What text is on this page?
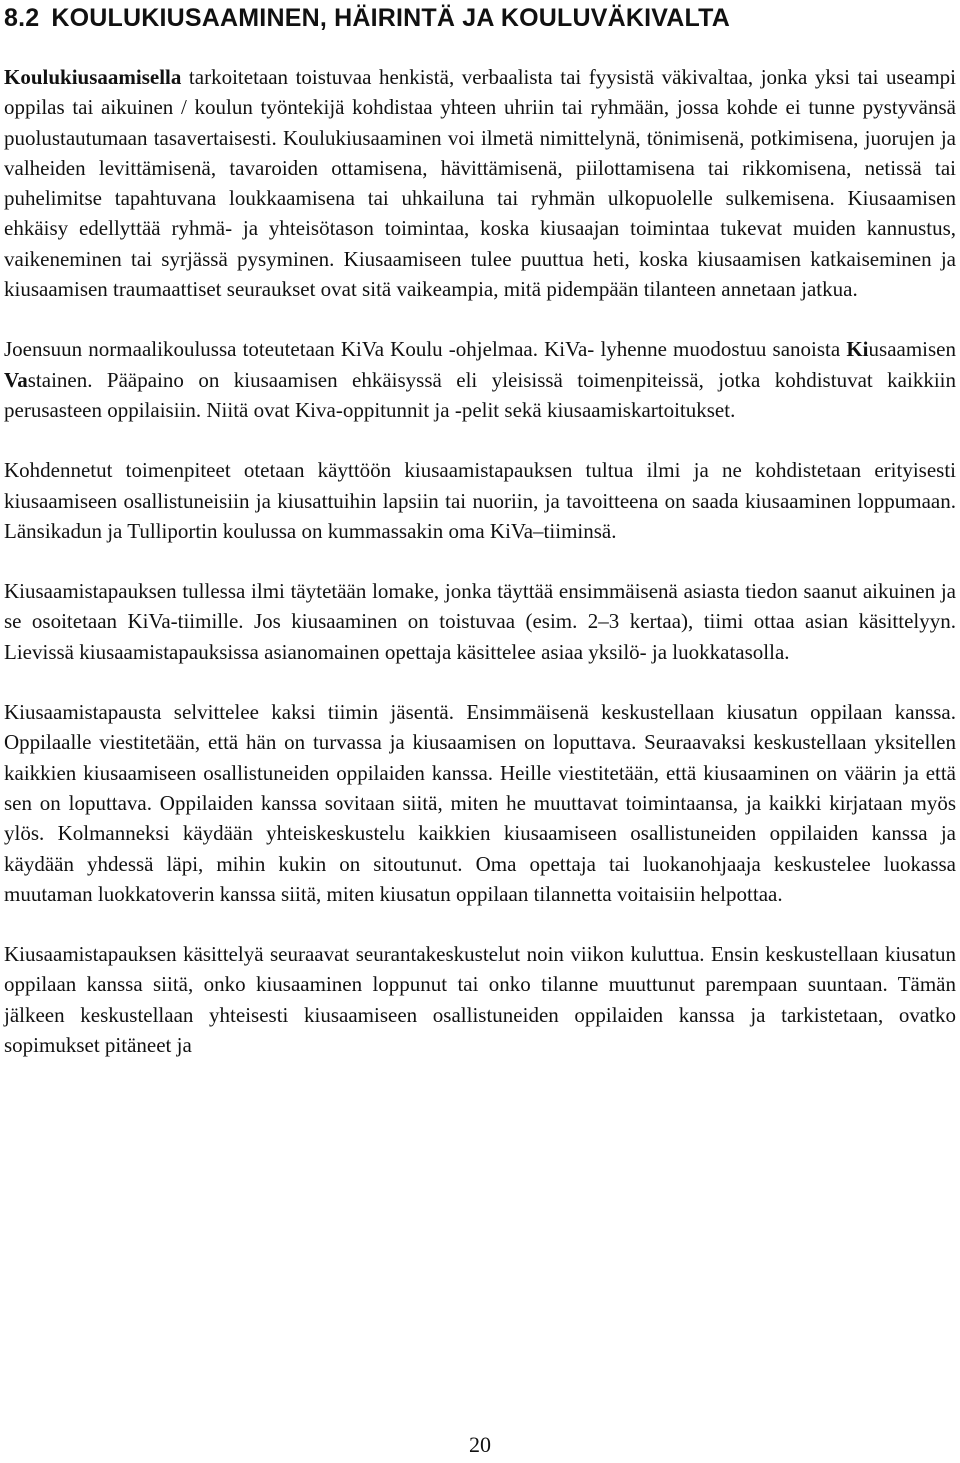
8.2 KOULUKIUSAAMINEN, HÄIRINTÄ JA KOULUVÄKIVALTA

Koulukiusaamisella tarkoitetaan toistuvaa henkistä, verbaalista tai fyysistä väkivaltaa, jonka yksi tai useampi oppilas tai aikuinen / koulun työntekijä kohdistaa yhteen uhriin tai ryhmään, jossa kohde ei tunne pystyvänsä puolustautumaan tasavertaisesti. Koulukiusaaminen voi ilmetä nimittelynä, tönimisenä, potkimisena, juorujen ja valheiden levittämisenä, tavaroiden ottamisena, hävittämisenä, piilottamisena tai rikkomisena, netissä tai puhelimitse tapahtuvana loukkaamisena tai uhkailuna tai ryhmän ulkopuolelle sulkemisena. Kiusaamisen ehkäisy edellyttää ryhmä- ja yhteisötason toimintaa, koska kiusaajan toimintaa tukevat muiden kannustus, vaikeneminen tai syrjässä pysyminen. Kiusaamiseen tulee puuttua heti, koska kiusaamisen katkaiseminen ja kiusaamisen traumaattiset seuraukset ovat sitä vaikeampia, mitä pidempään tilanteen annetaan jatkua.

Joensuun normaalikoulussa toteutetaan KiVa Koulu -ohjelmaa. KiVa- lyhenne muodostuu sanoista Kiusaamisen Vastainen. Pääpaino on kiusaamisen ehkäisyssä eli yleisissä toimenpiteissä, jotka kohdistuvat kaikkiin perusasteen oppilaisiin. Niitä ovat Kiva-oppitunnit ja -pelit sekä kiusaamiskartoitukset.

Kohdennetut toimenpiteet otetaan käyttöön kiusaamistapauksen tultua ilmi ja ne kohdistetaan erityisesti kiusaamiseen osallistuneisiin ja kiusattuihin lapsiin tai nuoriin, ja tavoitteena on saada kiusaaminen loppumaan. Länsikadun ja Tulliportin koulussa on kummassakin oma KiVa–tiiminsä.

Kiusaamistapauksen tullessa ilmi täytetään lomake, jonka täyttää ensimmäisenä asiasta tiedon saanut aikuinen ja se osoitetaan KiVa-tiimille. Jos kiusaaminen on toistuvaa (esim. 2–3 kertaa), tiimi ottaa asian käsittelyyn. Lievissä kiusaamistapauksissa asianomainen opettaja käsittelee asiaa yksilö- ja luokkatasolla.

Kiusaamistapausta selvittelee kaksi tiimin jäsentä. Ensimmäisenä keskustellaan kiusatun oppilaan kanssa. Oppilaalle viestitetään, että hän on turvassa ja kiusaamisen on loputtava. Seuraavaksi keskustellaan yksitellen kaikkien kiusaamiseen osallistuneiden oppilaiden kanssa. Heille viestitetään, että kiusaaminen on väärin ja että sen on loputtava. Oppilaiden kanssa sovitaan siitä, miten he muuttavat toimintaansa, ja kaikki kirjataan myös ylös. Kolmanneksi käydään yhteiskeskustelu kaikkien kiusaamiseen osallistuneiden oppilaiden kanssa ja käydään yhdessä läpi, mihin kukin on sitoutunut. Oma opettaja tai luokanohjaaja keskustelee luokassa muutaman luokkatoverin kanssa siitä, miten kiusatun oppilaan tilannetta voitaisiin helpottaa.

Kiusaamistapauksen käsittelyä seuraavat seurantakeskustelut noin viikon kuluttua. Ensin keskustellaan kiusatun oppilaan kanssa siitä, onko kiusaaminen loppunut tai onko tilanne muuttunut parempaan suuntaan. Tämän jälkeen keskustellaan yhteisesti kiusaamiseen osallistuneiden oppilaiden kanssa ja tarkistetaan, ovatko sopimukset pitäneet ja

20
